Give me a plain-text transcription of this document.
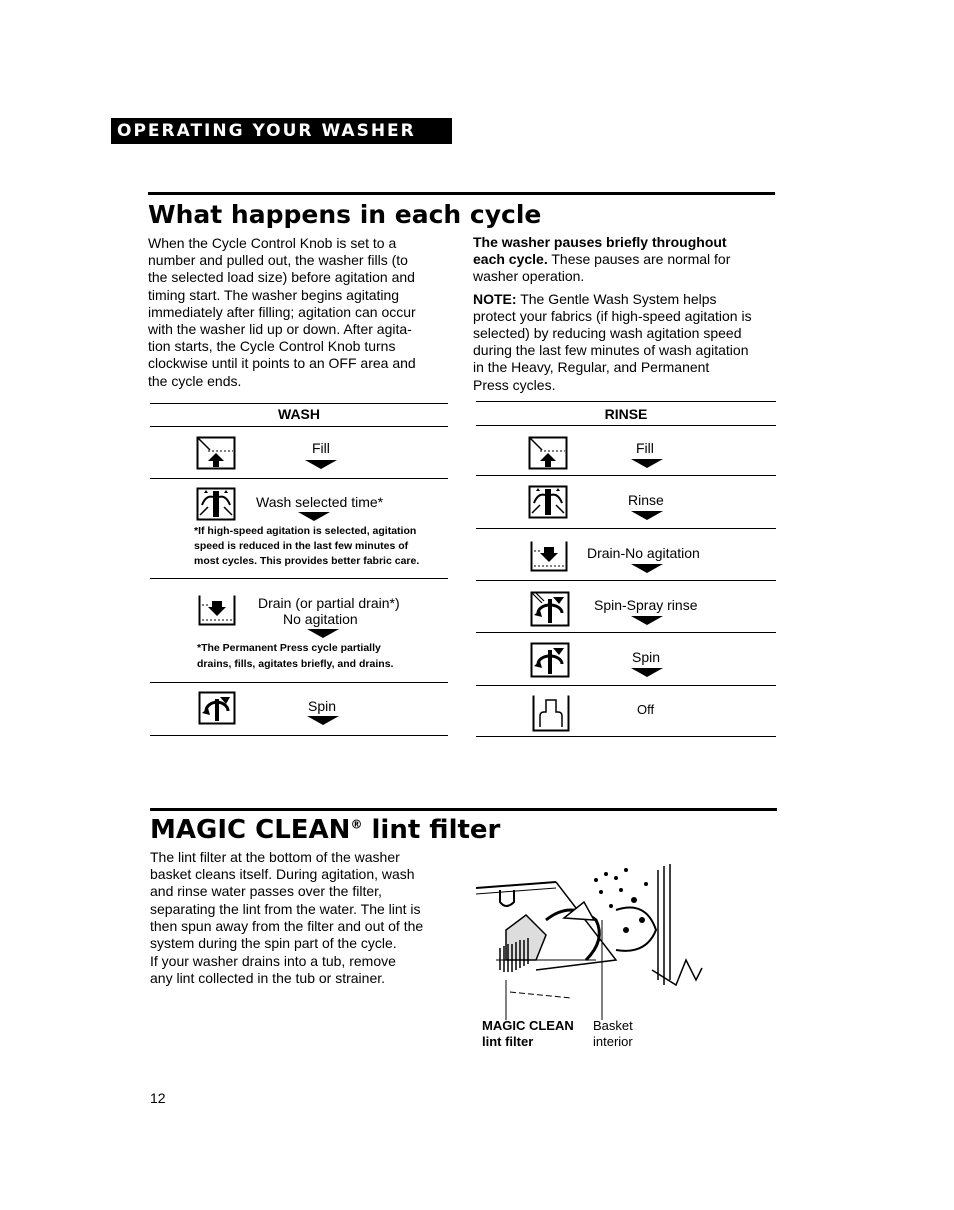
OPERATING YOUR WASHER
What happens in each cycle
When the Cycle Control Knob is set to a
number and pulled out, the washer fills (to
the selected load size) before agitation and
timing start. The washer begins agitating
immediately after filling; agitation can occur
with the washer lid up or down. After agita-
tion starts, the Cycle Control Knob turns
clockwise until it points to an OFF area and
the cycle ends.
The washer pauses briefly throughout
each cycle. These pauses are normal for
washer operation.
NOTE: The Gentle Wash System helps
protect your fabrics (if high-speed agitation is
selected) by reducing wash agitation speed
during the last few minutes of wash agitation
in the Heavy, Regular, and Permanent
Press cycles.
WASH
Fill
Wash selected time*
*If high-speed agitation is selected, agitation
speed is reduced in the last few minutes of
most cycles. This provides better fabric care.
Drain (or partial drain*)
No agitation
*The Permanent Press cycle partially
drains, fills, agitates briefly, and drains.
Spin
RINSE
Fill
Rinse
Drain-No agitation
Spin-Spray rinse
Spin
Off
MAGIC CLEAN® lint filter
The lint filter at the bottom of the washer
basket cleans itself. During agitation, wash
and rinse water passes over the filter,
separating the lint from the water. The lint is
then spun away from the filter and out of the
system during the spin part of the cycle.
If your washer drains into a tub, remove
any lint collected in the tub or strainer.
MAGIC CLEAN
lint filter
Basket
interior
12
